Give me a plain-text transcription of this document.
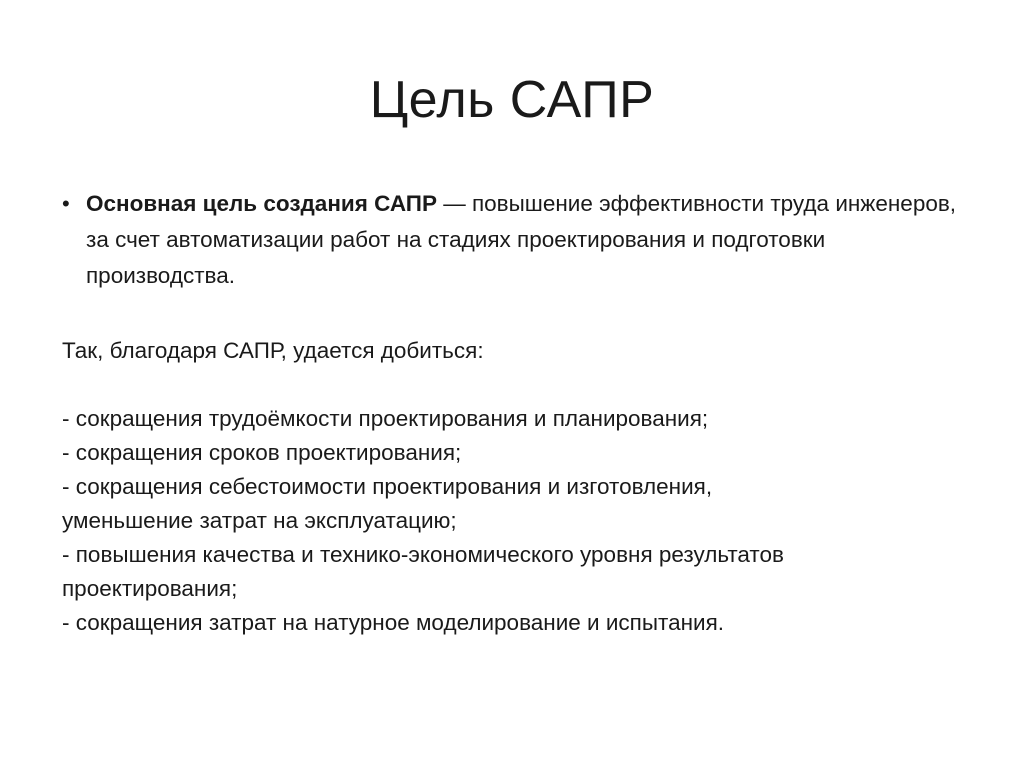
Цель САПР
• Основная цель создания САПР — повышение эффективности труда инженеров, за счет автоматизации работ на стадиях проектирования и подготовки производства.

Так, благодаря САПР, удается добиться:

- сокращения трудоёмкости проектирования и планирования;

- сокращения сроков проектирования;

- сокращения себестоимости проектирования и изготовления,

уменьшение затрат на эксплуатацию;

- повышения качества и технико-экономического уровня результатов

проектирования;

- сокращения затрат на натурное моделирование и испытания.
